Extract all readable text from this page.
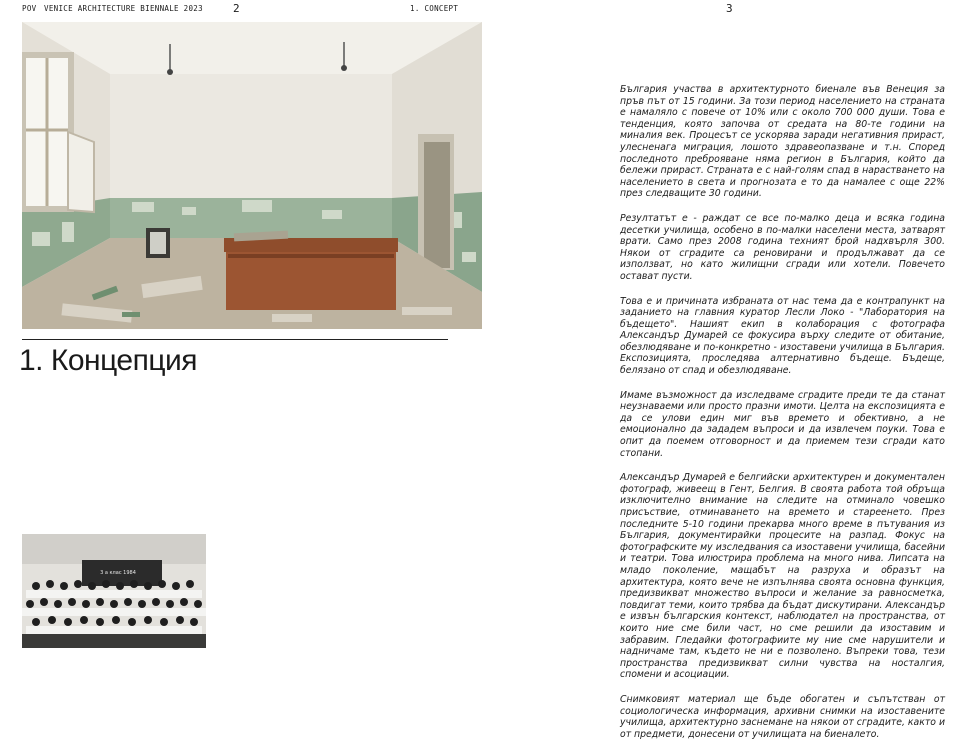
POV VENICE ARCHITECTURE BIENNALE 2023	2	1. CONCEPT	3
1. Концепция
3 а клас 1984

България участва в архитектурното биенале във Венеция за пръв път от 15 години. За този период населението на страната е намаляло с повече от 10% или с около 700 000 души. Това е тенденция, която започва от средата на 80-те години на миналия век. Процесът се ускорява заради негативния прираст, улесненага миграция, лошото здравеопазване и т.н. Според последното преброяване няма регион в България, който да бележи прираст. Страната е с най-голям спад в нарастването на населението в света и прогнозата е то да намалее с още 22% през следващите 30 години.

Резултатът е - раждат се все по-малко деца и всяка година десетки училища, особено в по-малки населени места, затварят врати. Само през 2008 година техният брой надхвърля 300. Някои от сградите са ренoвирани и продължават да се използват, но като жилищни сгради или хотели. Повечето остават пусти.

Това е и причината избраната от нас тема да е контрапункт на заданието на главния куратор Лесли Локо - "Лаборатория на бъдещето". Нашият екип в колаборация с фотографа Александър Думарей се фокусира върху следите от обитание, обезлюдяване и по-конкретно - изоставени училища в България. Експозицията, проследява алтернативно бъдеще. Бъдеще, белязано от спад и обезлюдяване.

Имаме възможност да изследваме сградите преди те да станат неузнаваеми или просто празни имоти. Целта на експозицията е да се улови един миг във времето и обективно, а не емоционално да зададем въпроси и да извлечем поуки. Това е опит да поемем отговорност и да приемем тези сгради като стопани.

Александър Думарей е белгийски архитектурен и документален фотограф, живеещ в Гент, Белгия. В своята работа той обръща изключително внимание на следите на отминало човешко присъствие, отминаването на времето и стареенето. През последните 5-10 години прекарва много време в пътувания из България, документирайки процесите на разпад. Фокус на фотографските му изследвания са изоставени училища, басейни и театри. Това илюстрира проблема на много нива. Липсата на младо поколение, мащабът на разруха и образът на архитектура, която вече не изпълнява своята основна функция, предизвикват множество въпроси и желание за равносметка, повдигат теми, които трябва да бъдат дискутирани. Александър е извън българския контекст, наблюдател на пространства, от които ние сме били част, но сме решили да изоставим и забравим. Гледайки фотографиите му ние сме нарушители и надничаме там, където не ни е позволено. Въпреки това, тези пространства предизвикват силни чувства на носталгия, спомени и асоциации.

Снимковият материал ще бъде обогатен и съпътстван от социологическа информация, архивни снимки на изоставените училища, архитектурно заснемане на някои от сградите, както и от предмети, донесени от училищата на биеналето.
